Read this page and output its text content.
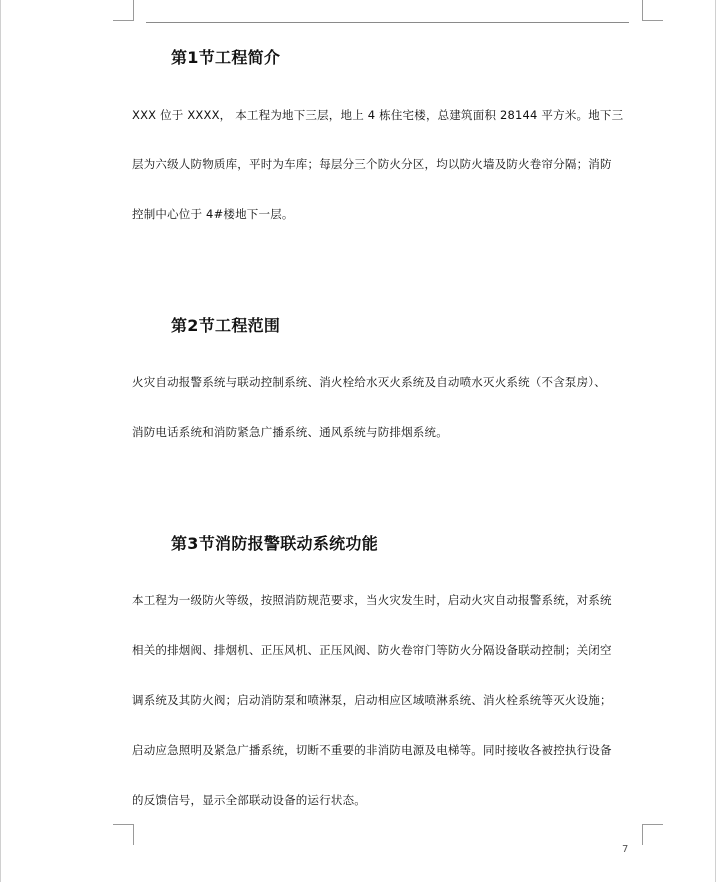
第1节工程简介
XXX 位于 XXXX， 本工程为地下三层，地上 4 栋住宅楼，总建筑面积 28144 平方米。地下三
层为六级人防物质库，平时为车库；每层分三个防火分区，均以防火墙及防火卷帘分隔；消防
控制中心位于 4#楼地下一层。
第2节工程范围
火灾自动报警系统与联动控制系统、消火栓给水灭火系统及自动喷水灭火系统（不含泵房）、
消防电话系统和消防紧急广播系统、通风系统与防排烟系统。
第3节消防报警联动系统功能
本工程为一级防火等级，按照消防规范要求，当火灾发生时，启动火灾自动报警系统，对系统
相关的排烟阀、排烟机、正压风机、正压风阀、防火卷帘门等防火分隔设备联动控制；关闭空
调系统及其防火阀；启动消防泵和喷淋泵，启动相应区域喷淋系统、消火栓系统等灭火设施；
启动应急照明及紧急广播系统，切断不重要的非消防电源及电梯等。同时接收各被控执行设备
的反馈信号，显示全部联动设备的运行状态。
7
